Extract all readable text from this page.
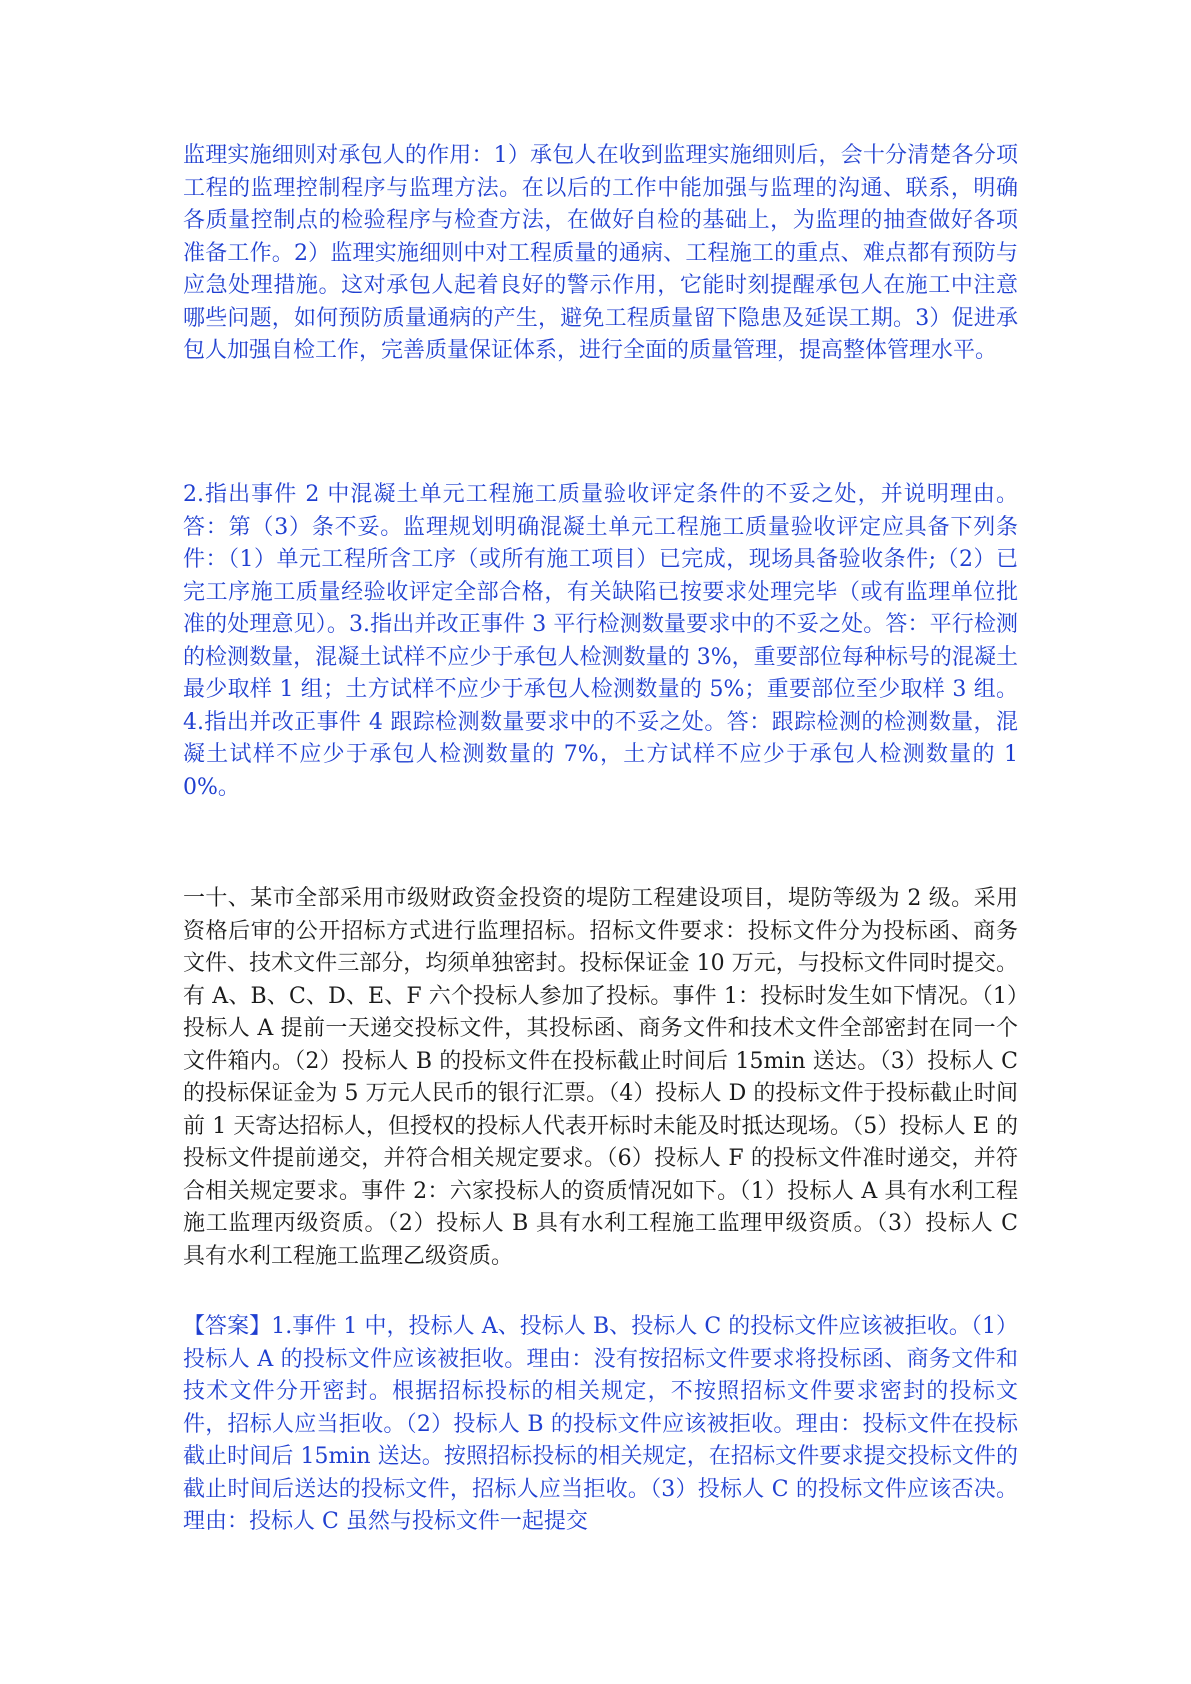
监理实施细则对承包人的作用：1）承包人在收到监理实施细则后，会十分清楚各分项工程的监理控制程序与监理方法。在以后的工作中能加强与监理的沟通、联系，明确各质量控制点的检验程序与检查方法，在做好自检的基础上，为监理的抽查做好各项准备工作。2）监理实施细则中对工程质量的通病、工程施工的重点、难点都有预防与应急处理措施。这对承包人起着良好的警示作用，它能时刻提醒承包人在施工中注意哪些问题，如何预防质量通病的产生，避免工程质量留下隐患及延误工期。3）促进承包人加强自检工作，完善质量保证体系，进行全面的质量管理，提高整体管理水平。

2.指出事件 2 中混凝土单元工程施工质量验收评定条件的不妥之处，并说明理由。答：第（3）条不妥。监理规划明确混凝土单元工程施工质量验收评定应具备下列条件：（1）单元工程所含工序（或所有施工项目）已完成，现场具备验收条件;（2）已完工序施工质量经验收评定全部合格，有关缺陷已按要求处理完毕（或有监理单位批准的处理意见）。3.指出并改正事件 3 平行检测数量要求中的不妥之处。答：平行检测的检测数量，混凝土试样不应少于承包人检测数量的 3%，重要部位每种标号的混凝土最少取样 1 组；土方试样不应少于承包人检测数量的 5%；重要部位至少取样 3 组。4.指出并改正事件 4 跟踪检测数量要求中的不妥之处。答：跟踪检测的检测数量，混凝土试样不应少于承包人检测数量的 7%，土方试样不应少于承包人检测数量的 10%。

一十、某市全部采用市级财政资金投资的堤防工程建设项目，堤防等级为 2 级。采用资格后审的公开招标方式进行监理招标。招标文件要求：投标文件分为投标函、商务文件、技术文件三部分，均须单独密封。投标保证金 10 万元，与投标文件同时提交。有 A、B、C、D、E、F 六个投标人参加了投标。事件 1：投标时发生如下情况。（1）投标人 A 提前一天递交投标文件，其投标函、商务文件和技术文件全部密封在同一个文件箱内。（2）投标人 B 的投标文件在投标截止时间后 15min 送达。（3）投标人 C 的投标保证金为 5 万元人民币的银行汇票。（4）投标人 D 的投标文件于投标截止时间前 1 天寄达招标人，但授权的投标人代表开标时未能及时抵达现场。（5）投标人 E 的投标文件提前递交，并符合相关规定要求。（6）投标人 F 的投标文件准时递交，并符合相关规定要求。事件 2：六家投标人的资质情况如下。（1）投标人 A 具有水利工程施工监理丙级资质。（2）投标人 B 具有水利工程施工监理甲级资质。（3）投标人 C 具有水利工程施工监理乙级资质。

【答案】1.事件 1 中，投标人 A、投标人 B、投标人 C 的投标文件应该被拒收。（1）投标人 A 的投标文件应该被拒收。理由：没有按招标文件要求将投标函、商务文件和技术文件分开密封。根据招标投标的相关规定，不按照招标文件要求密封的投标文件，招标人应当拒收。（2）投标人 B 的投标文件应该被拒收。理由：投标文件在投标截止时间后 15min 送达。按照招标投标的相关规定，在招标文件要求提交投标文件的截止时间后送达的投标文件，招标人应当拒收。（3）投标人 C 的投标文件应该否决。理由：投标人 C 虽然与投标文件一起提交
